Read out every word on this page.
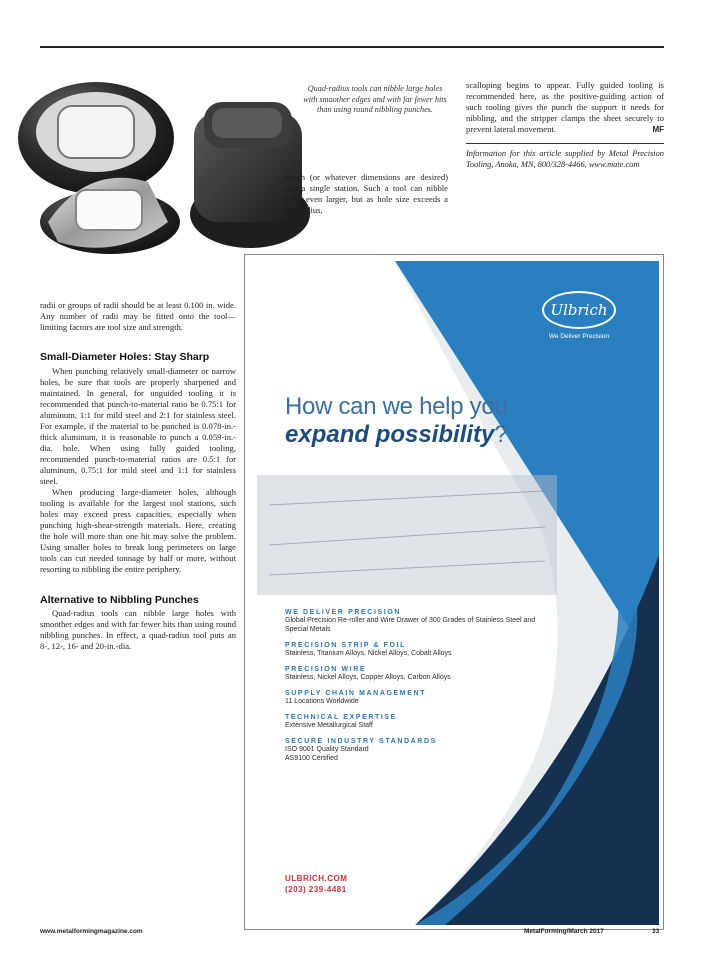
Quad-radius tools can nibble large holes with smoother edges and with far fewer hits than using round nibbling punches.
punch (or whatever dimensions are desired) into a single station. Such a tool can nibble holes even larger, but as hole size exceeds a tool radius,
scalloping begins to appear. Fully guided tooling is recommended here, as the positive-guiding action of such tooling gives the punch the support it needs for nibbling, and the stripper clamps the sheet securely to prevent lateral movement.	MF
Information for this article supplied by Metal Precision Tooling, Anoka, MN, 800/328-4466, www.mate.com

radii or groups of radii should be at least 0.100 in. wide. Any number of radii may be fitted onto the tool—limiting factors are tool size and strength.

Small-Diameter Holes: Stay Sharp

When punching relatively small-diameter or narrow holes, be sure that tools are properly sharpened and maintained. In general, for unguided tooling it is recommended that punch-to-material ratio be 0.75:1 for aluminum, 1:1 for mild steel and 2:1 for stainless steel. For example, if the material to be punched is 0.078-in.-thick aluminum, it is reasonable to punch a 0.059-in.-dia. hole. When using fully guided tooling, recommended punch-to-material ratios are 0.5:1 for aluminum, 0.75:1 for mild steel and 1:1 for stainless steel.

When producing large-diameter holes, although tooling is available for the largest tool stations, such holes may exceed press capacities, especially when punching high-shear-strength materials. Here, creating the hole will more than one hit may solve the problem. Using smaller holes to break long perimeters on large tools can cut needed tonnage by half or more, without resorting to nibbling the entire periphery.

Alternative to Nibbling Punches

Quad-radius tools can nibble large holes with smoother edges and with far fewer hits than using round nibbling punches. In effect, a quad-radius tool puts an 8-, 12-, 16- and 20-in.-dia.

Ulbrich
We Deliver Precision
How can we help you
expand possibility?
WE DELIVER PRECISION
Global Precision Re-roller and Wire Drawer of 300 Grades of Stainless Steel and Special Metals
PRECISION STRIP & FOIL
Stainless, Titanium Alloys, Nickel Alloys, Cobalt Alloys
PRECISION WIRE
Stainless, Nickel Alloys, Copper Alloys, Carbon Alloys
SUPPLY CHAIN MANAGEMENT
11 Locations Worldwide
TECHNICAL EXPERTISE
Extensive Metallurgical Staff
SECURE INDUSTRY STANDARDS
ISO 9001 Quality Standard
AS9100 Certified
ULBRICH.COM
(203) 239-4481
www.metalformingmagazine.com	MetalForming/March 2017	33
